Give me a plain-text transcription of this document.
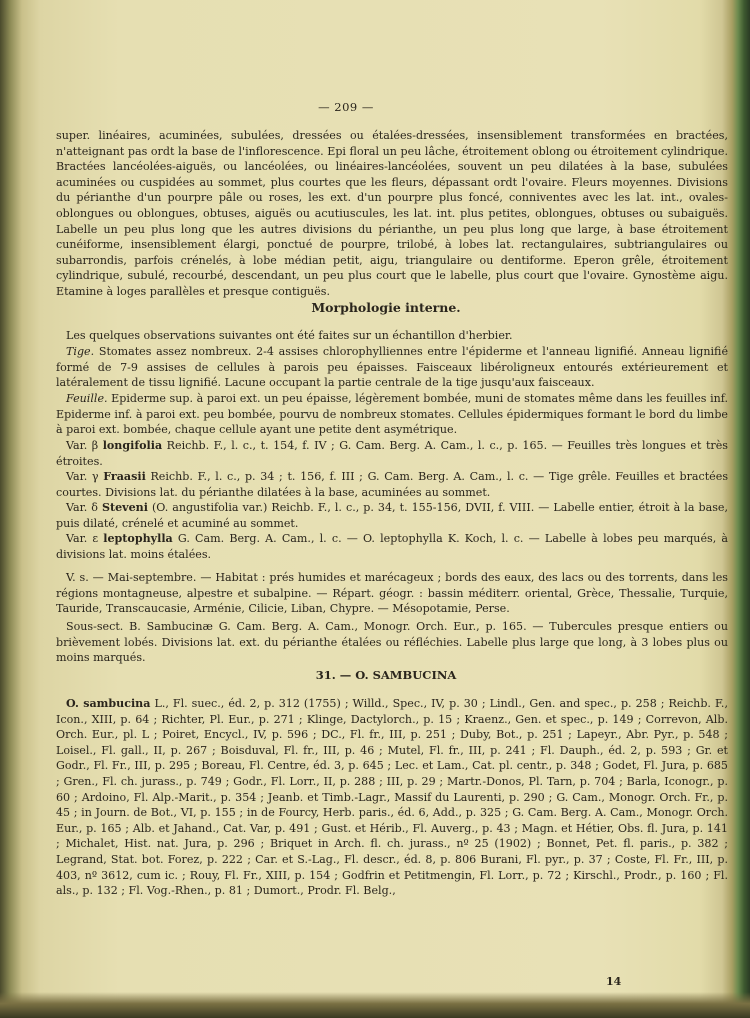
— 209 —

super. linéaires, acuminées, subulées, dressées ou étalées-dressées, insensiblement transformées en bractées, n'atteignant pas ordt la base de l'inflorescence. Epi floral un peu lâche, étroitement oblong ou étroitement cylindrique. Bractées lancéolées-aiguës, ou lancéolées, ou linéaires-lancéolées, souvent un peu dilatées à la base, subulées acuminées ou cuspidées au sommet, plus courtes que les fleurs, dépassant ordt l'ovaire. Fleurs moyennes. Divisions du périanthe d'un pourpre pâle ou roses, les ext. d'un pourpre plus foncé, conniventes avec les lat. int., ovales-oblongues ou oblongues, obtuses, aiguës ou acutiuscules, les lat. int. plus petites, oblongues, obtuses ou subaiguës. Labelle un peu plus long que les autres divisions du périanthe, un peu plus long que large, à base étroitement cunéiforme, insensiblement élargi, ponctué de pourpre, trilobé, à lobes lat. rectangulaires, subtriangulaires ou subarrondis, parfois crénelés, à lobe médian petit, aigu, triangulaire ou dentiforme. Eperon grêle, étroitement cylindrique, subulé, recourbé, descendant, un peu plus court que le labelle, plus court que l'ovaire. Gynostème aigu. Etamine à loges parallèles et presque contiguës.

Morphologie interne.

Les quelques observations suivantes ont été faites sur un échantillon d'herbier.

Tige. Stomates assez nombreux. 2-4 assises chlorophylliennes entre l'épiderme et l'anneau lignifié. Anneau lignifié formé de 7-9 assises de cellules à parois peu épaisses. Faisceaux libéroligneux entourés extérieurement et latéralement de tissu lignifié. Lacune occupant la partie centrale de la tige jusqu'aux faisceaux.

Feuille. Epiderme sup. à paroi ext. un peu épaisse, légèrement bombée, muni de stomates même dans les feuilles inf. Epiderme inf. à paroi ext. peu bombée, pourvu de nombreux stomates. Cellules épidermiques formant le bord du limbe à paroi ext. bombée, chaque cellule ayant une petite dent asymétrique.

Var. β longifolia Reichb. F., l. c., t. 154, f. IV ; G. Cam. Berg. A. Cam., l. c., p. 165. — Feuilles très longues et très étroites.

Var. γ Fraasii Reichb. F., l. c., p. 34 ; t. 156, f. III ; G. Cam. Berg. A. Cam., l. c. — Tige grêle. Feuilles et bractées courtes. Divisions lat. du périanthe dilatées à la base, acuminées au sommet.

Var. δ Steveni (O. angustifolia var.) Reichb. F., l. c., p. 34, t. 155-156, DVII, f. VIII. — Labelle entier, étroit à la base, puis dilaté, crénelé et acuminé au sommet.

Var. ε leptophylla G. Cam. Berg. A. Cam., l. c. — O. leptophylla K. Koch, l. c. — Labelle à lobes peu marqués, à divisions lat. moins étalées.

V. s. — Mai-septembre. — Habitat : prés humides et marécageux ; bords des eaux, des lacs ou des torrents, dans les régions montagneuse, alpestre et subalpine. — Répart. géogr. : bassin méditerr. oriental, Grèce, Thessalie, Turquie, Tauride, Transcaucasie, Arménie, Cilicie, Liban, Chypre. — Mésopotamie, Perse.

Sous-sect. B. Sambucinæ G. Cam. Berg. A. Cam., Monogr. Orch. Eur., p. 165. — Tubercules presque entiers ou brièvement lobés. Divisions lat. ext. du périanthe étalées ou réfléchies. Labelle plus large que long, à 3 lobes plus ou moins marqués.

31. — O. SAMBUCINA

O. sambucina L., Fl. suec., éd. 2, p. 312 (1755) ; Willd., Spec., IV, p. 30 ; Lindl., Gen. and spec., p. 258 ; Reichb. F., Icon., XIII, p. 64 ; Richter, Pl. Eur., p. 271 ; Klinge, Dactylorch., p. 15 ; Kraenz., Gen. et spec., p. 149 ; Correvon, Alb. Orch. Eur., pl. L ; Poiret, Encycl., IV, p. 596 ; DC., Fl. fr., III, p. 251 ; Duby, Bot., p. 251 ; Lapeyr., Abr. Pyr., p. 548 ; Loisel., Fl. gall., II, p. 267 ; Boisduval, Fl. fr., III, p. 46 ; Mutel, Fl. fr., III, p. 241 ; Fl. Dauph., éd. 2, p. 593 ; Gr. et Godr., Fl. Fr., III, p. 295 ; Boreau, Fl. Centre, éd. 3, p. 645 ; Lec. et Lam., Cat. pl. centr., p. 348 ; Godet, Fl. Jura, p. 685 ; Gren., Fl. ch. jurass., p. 749 ; Godr., Fl. Lorr., II, p. 288 ; III, p. 29 ; Martr.-Donos, Pl. Tarn, p. 704 ; Barla, Iconogr., p. 60 ; Ardoino, Fl. Alp.-Marit., p. 354 ; Jeanb. et Timb.-Lagr., Massif du Laurenti, p. 290 ; G. Cam., Monogr. Orch. Fr., p. 45 ; in Journ. de Bot., VI, p. 155 ; in de Fourcy, Herb. paris., éd. 6, Add., p. 325 ; G. Cam. Berg. A. Cam., Monogr. Orch. Eur., p. 165 ; Alb. et Jahand., Cat. Var, p. 491 ; Gust. et Hérib., Fl. Auverg., p. 43 ; Magn. et Hétier, Obs. fl. Jura, p. 141 ; Michalet, Hist. nat. Jura, p. 296 ; Briquet in Arch. fl. ch. jurass., nº 25 (1902) ; Bonnet, Pet. fl. paris., p. 382 ; Legrand, Stat. bot. Forez, p. 222 ; Car. et S.-Lag., Fl. descr., éd. 8, p. 806 Burani, Fl. pyr., p. 37 ; Coste, Fl. Fr., III, p. 403, nº 3612, cum ic. ; Rouy, Fl. Fr., XIII, p. 154 ; Godfrin et Petitmengin, Fl. Lorr., p. 72 ; Kirschl., Prodr., p. 160 ; Fl. als., p. 132 ; Fl. Vog.-Rhen., p. 81 ; Dumort., Prodr. Fl. Belg.,

14
